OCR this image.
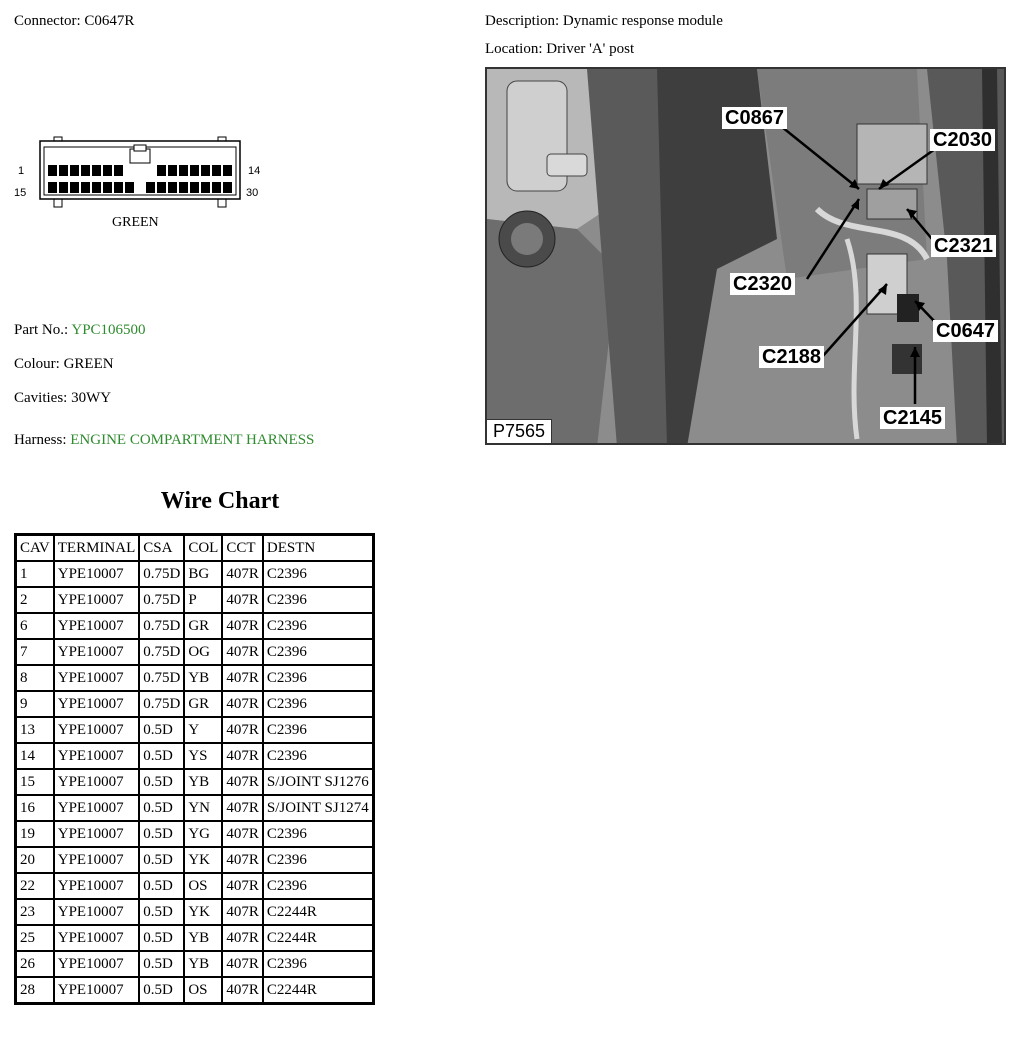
Connector: C0647R	Description: Dynamic response module
Location: Driver 'A' post
1	14
15	30
GREEN
Part No.: YPC106500
Colour: GREEN
Cavities: 30WY
Harness: ENGINE COMPARTMENT HARNESS
C0867
C2030
C2321
C2320
C0647
C2188
C2145
P7565
Wire Chart
CAV	TERMINAL	CSA	COL	CCT	DESTN
1	YPE10007	0.75D	BG	407R	C2396
2	YPE10007	0.75D	P	407R	C2396
6	YPE10007	0.75D	GR	407R	C2396
7	YPE10007	0.75D	OG	407R	C2396
8	YPE10007	0.75D	YB	407R	C2396
9	YPE10007	0.75D	GR	407R	C2396
13	YPE10007	0.5D	Y	407R	C2396
14	YPE10007	0.5D	YS	407R	C2396
15	YPE10007	0.5D	YB	407R	S/JOINT SJ1276
16	YPE10007	0.5D	YN	407R	S/JOINT SJ1274
19	YPE10007	0.5D	YG	407R	C2396
20	YPE10007	0.5D	YK	407R	C2396
22	YPE10007	0.5D	OS	407R	C2396
23	YPE10007	0.5D	YK	407R	C2244R
25	YPE10007	0.5D	YB	407R	C2244R
26	YPE10007	0.5D	YB	407R	C2396
28	YPE10007	0.5D	OS	407R	C2244R
